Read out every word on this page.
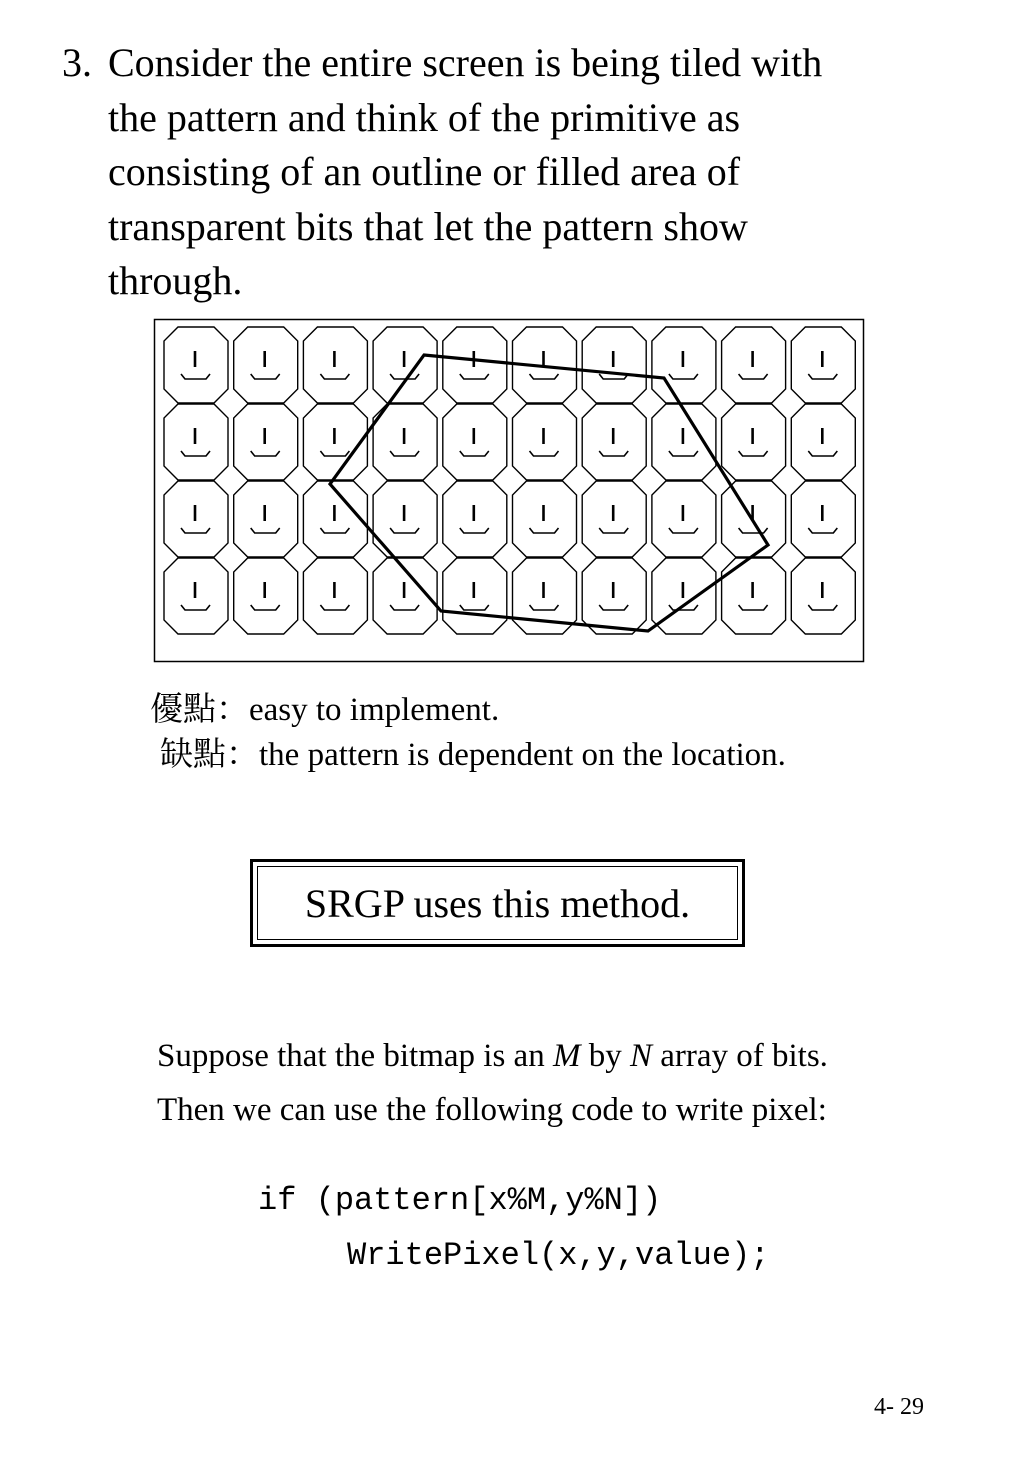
3. Consider the entire screen is being tiled with
the pattern and think of the primitive as
consisting of an outline or filled area of
transparent bits that let the pattern show
through.
優點：easy to implement.
缺點：the pattern is dependent on the location.
SRGP uses this method.
Suppose that the bitmap is an M by N array of bits.
Then we can use the following code to write pixel:
if (pattern[x%M,y%N])
WritePixel(x,y,value);
4- 29
